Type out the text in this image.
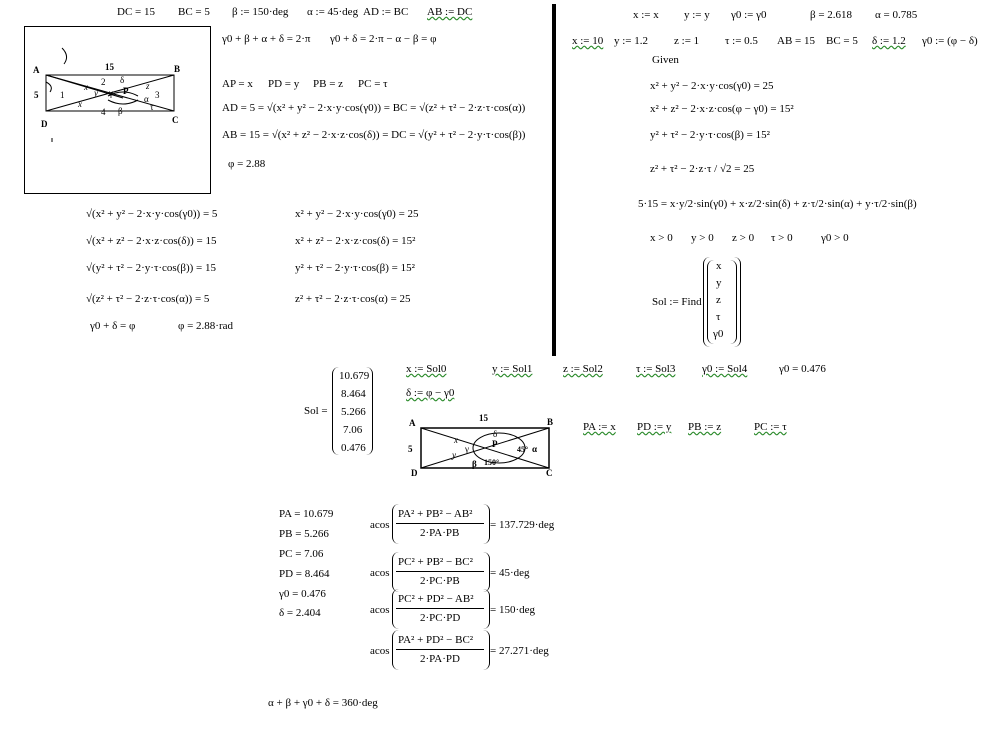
DC = 15 BC = 5 β := 150·deg α := 45·deg AD := BC AB := DC
A	B
C
D
15
5 1
2
3
4
x
x
y γ
δ
P z
α
τ
β
γ0 + β + α + δ = 2·π γ0 + δ = 2·π − α − β = φ
AP = x PD = y PB = z PC = τ
AD = 5 = √(x² + y² − 2·x·y·cos(γ0)) = BC = √(z² + τ² − 2·z·τ·cos(α))
AB = 15 = √(x² + z² − 2·x·z·cos(δ)) = DC = √(y² + τ² − 2·y·τ·cos(β))
φ = 2.88
√(x² + y² − 2·x·y·cos(γ0)) = 5
√(x² + z² − 2·x·z·cos(δ)) = 15
√(y² + τ² − 2·y·τ·cos(β)) = 15
√(z² + τ² − 2·z·τ·cos(α)) = 5
x² + y² − 2·x·y·cos(γ0) = 25
x² + z² − 2·x·z·cos(δ) = 15²
y² + τ² − 2·y·τ·cos(β) = 15²
z² + τ² − 2·z·τ·cos(α) = 25
γ0 + δ = φ	φ = 2.88·rad
x := x y := y γ0 := γ0	β = 2.618 α = 0.785
x := 10 y := 1.2 z := 1 τ := 0.5 AB = 15 BC = 5 δ := 1.2 γ0 := (φ − δ)
Given
x² + y² − 2·x·y·cos(γ0) = 25
x² + z² − 2·x·z·cos(φ − γ0) = 15²
y² + τ² − 2·y·τ·cos(β) = 15²
z² + τ² − 2·z·τ / √2 = 25
5·15 = x·y/2·sin(γ0) + x·z/2·sin(δ) + z·τ/2·sin(α) + y·τ/2·sin(β)
x > 0 y > 0 z > 0 τ > 0	γ0 > 0
Sol := Find
x
y
z
τ
γ0
Sol =
10.679
8.464
5.266
7.06
0.476
x := Sol0	y := Sol1	z := Sol2	τ := Sol3 γ0 := Sol4	γ0 = 0.476
δ := φ − γ0
A	B
C
D
15
5
x
y
γ
δ
P
β 150°
45° α
PA := x PD := y PB := z	PC := τ
PA = 10.679
PB = 5.266
PC = 7.06
PD = 8.464
γ0 = 0.476
δ = 2.404
acos
PA² + PB² − AB²
2·PA·PB
= 137.729·deg
acos
PC² + PB² − BC²
2·PC·PB
= 45·deg
acos
PC² + PD² − AB²
2·PC·PD
= 150·deg
acos
PA² + PD² − BC²
2·PA·PD
= 27.271·deg
α + β + γ0 + δ = 360·deg
